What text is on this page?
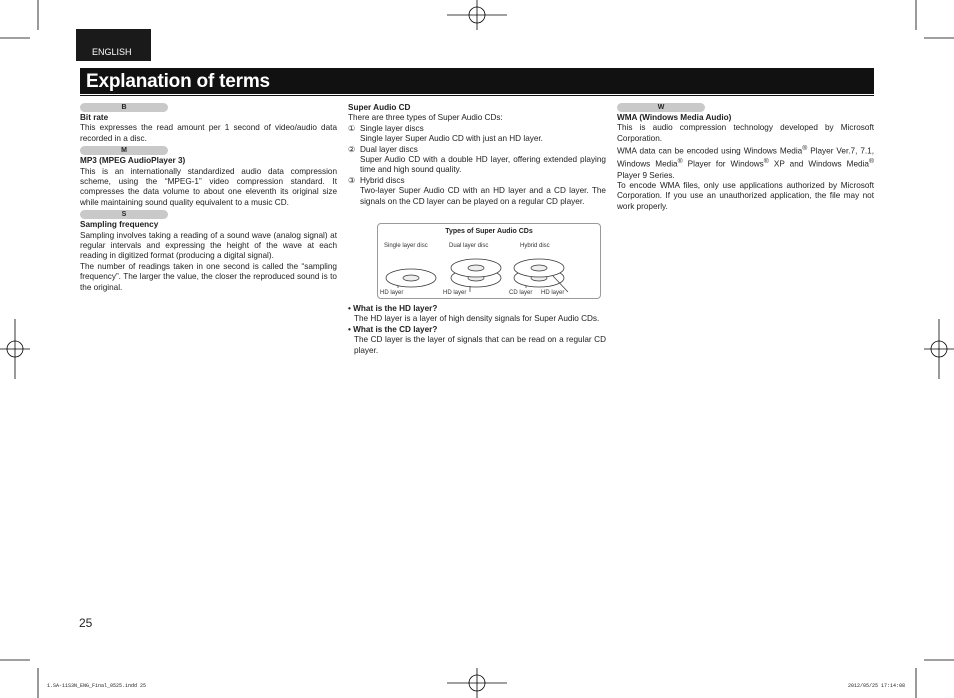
ENGLISH
Explanation of terms
B
Bit rate

This expresses the read amount per 1 second of video/audio data recorded in a disc.

M
MP3 (MPEG AudioPlayer 3)

This is an internationally standardized audio data compression scheme, using the “MPEG-1” video compression standard. It compresses the data volume to about one eleventh its original size while maintaining sound quality equivalent to a music CD.

S
Sampling frequency

Sampling involves taking a reading of a sound wave (analog signal) at regular intervals and expressing the height of the wave at each reading in digitized format (producing a digital signal).

The number of readings taken in one second is called the “sampling frequency”. The larger the value, the closer the reproduced sound is to the original.

Super Audio CD
There are three types of Super Audio CDs:
① Single layer discs
Single layer Super Audio CD with just an HD layer.
② Dual layer discs
Super Audio CD with a double HD layer, offering extended playing time and high sound quality.
③ Hybrid discs
Two-layer Super Audio CD with an HD layer and a CD layer. The signals on the CD layer can be played on a regular CD player.
Types of Super Audio CDs
Single layer disc	Dual layer disc	Hybrid disc
HD layer	HD layer	CD layer HD layer
• What is the HD layer?
The HD layer is a layer of high density signals for Super Audio CDs.
• What is the CD layer?
The CD layer is the layer of signals that can be read on a regular CD player.
W
WMA (Windows Media Audio)

This is audio compression technology developed by Microsoft Corporation.

WMA data can be encoded using Windows Media® Player Ver.7, 7.1, Windows Media® Player for Windows® XP and Windows Media® Player 9 Series.

To encode WMA files, only use applications authorized by Microsoft Corporation. If you use an unauthorized application, the file may not work properly.

25
1.SA-11S3N_ENG_Final_0525.indd 25	2012/05/25 17:14:08
